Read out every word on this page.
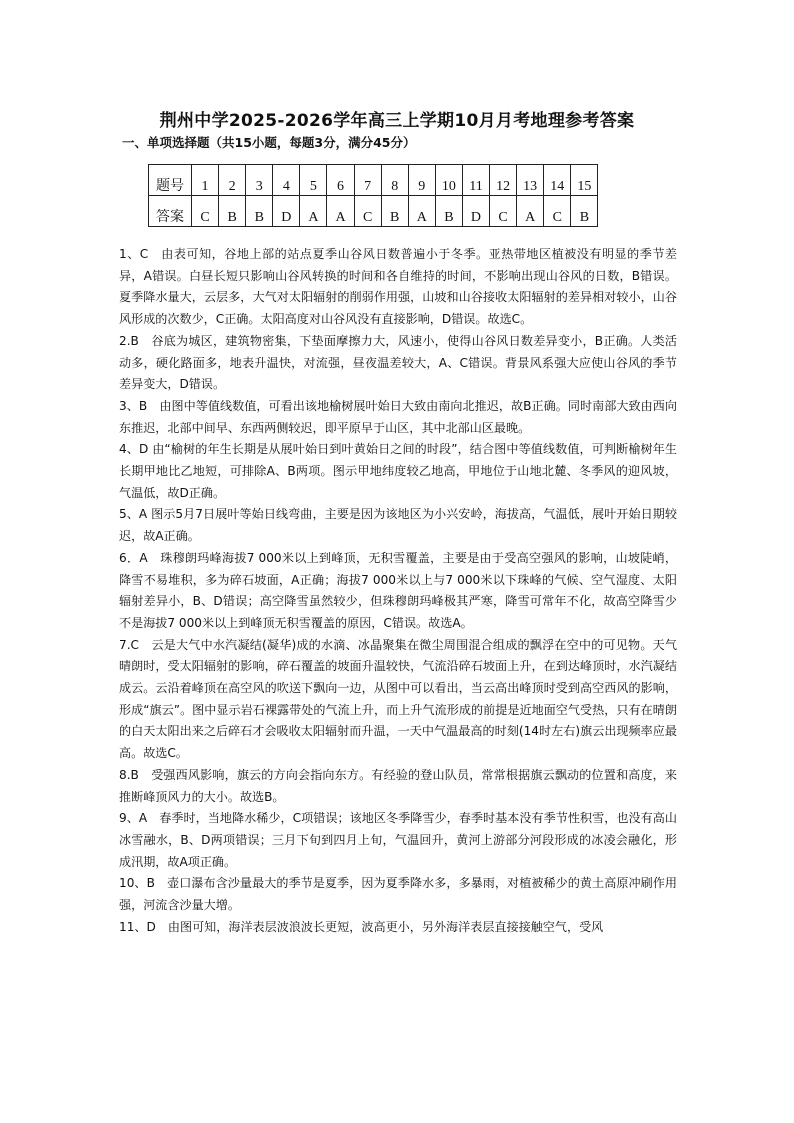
荆州中学2025-2026学年高三上学期10月月考地理参考答案
一、单项选择题（共15小题，每题3分，满分45分）
题号	1	2	3	4	5	6	7	8	9	10	11	12	13	14	15
答案	C	B	B	D	A	A	C	B	A	B	D	C	A	C	B

1、C　由表可知，谷地上部的站点夏季山谷风日数普遍小于冬季。亚热带地区植被没有明显的季节差异，A错误。白昼长短只影响山谷风转换的时间和各自维持的时间，不影响出现山谷风的日数，B错误。夏季降水量大，云层多，大气对太阳辐射的削弱作用强，山坡和山谷接收太阳辐射的差异相对较小，山谷风形成的次数少，C正确。太阳高度对山谷风没有直接影响，D错误。故选C。

2.B　谷底为城区，建筑物密集，下垫面摩擦力大，风速小，使得山谷风日数差异变小，B正确。人类活动多，硬化路面多，地表升温快，对流强，昼夜温差较大，A、C错误。背景风系强大应使山谷风的季节差异变大，D错误。

3、B　由图中等值线数值，可看出该地榆树展叶始日大致由南向北推迟，故B正确。同时南部大致由西向东推迟，北部中间早、东西两侧较迟，即平原早于山区，其中北部山区最晚。

4、D 由“榆树的年生长期是从展叶始日到叶黄始日之间的时段”，结合图中等值线数值，可判断榆树年生长期甲地比乙地短，可排除A、B两项。图示甲地纬度较乙地高，甲地位于山地北麓、冬季风的迎风坡，气温低，故D正确。

5、A 图示5月7日展叶等始日线弯曲，主要是因为该地区为小兴安岭，海拔高，气温低，展叶开始日期较迟，故A正确。

6．A　珠穆朗玛峰海拔7 000米以上到峰顶，无积雪覆盖，主要是由于受高空强风的影响，山坡陡峭，降雪不易堆积，多为碎石坡面，A正确；海拔7 000米以上与7 000米以下珠峰的气候、空气湿度、太阳辐射差异小，B、D错误；高空降雪虽然较少，但珠穆朗玛峰极其严寒，降雪可常年不化，故高空降雪少不是海拔7 000米以上到峰顶无积雪覆盖的原因，C错误。故选A。

7.C　云是大气中水汽凝结(凝华)成的水滴、冰晶聚集在微尘周围混合组成的飘浮在空中的可见物。天气晴朗时，受太阳辐射的影响，碎石覆盖的坡面升温较快，气流沿碎石坡面上升，在到达峰顶时，水汽凝结成云。云沿着峰顶在高空风的吹送下飘向一边，从图中可以看出，当云高出峰顶时受到高空西风的影响，形成“旗云”。图中显示岩石裸露带处的气流上升，而上升气流形成的前提是近地面空气受热，只有在晴朗的白天太阳出来之后碎石才会吸收太阳辐射而升温，一天中气温最高的时刻(14时左右)旗云出现频率应最高。故选C。

8.B　受强西风影响，旗云的方向会指向东方。有经验的登山队员，常常根据旗云飘动的位置和高度，来推断峰顶风力的大小。故选B。

9、A　春季时，当地降水稀少，C项错误；该地区冬季降雪少，春季时基本没有季节性积雪，也没有高山冰雪融水，B、D两项错误；三月下旬到四月上旬，气温回升，黄河上游部分河段形成的冰凌会融化，形成汛期，故A项正确。

10、B　壶口瀑布含沙量最大的季节是夏季，因为夏季降水多，多暴雨，对植被稀少的黄土高原冲刷作用强，河流含沙量大增。

11、D　由图可知，海洋表层波浪波长更短，波高更小，另外海洋表层直接接触空气，受风
